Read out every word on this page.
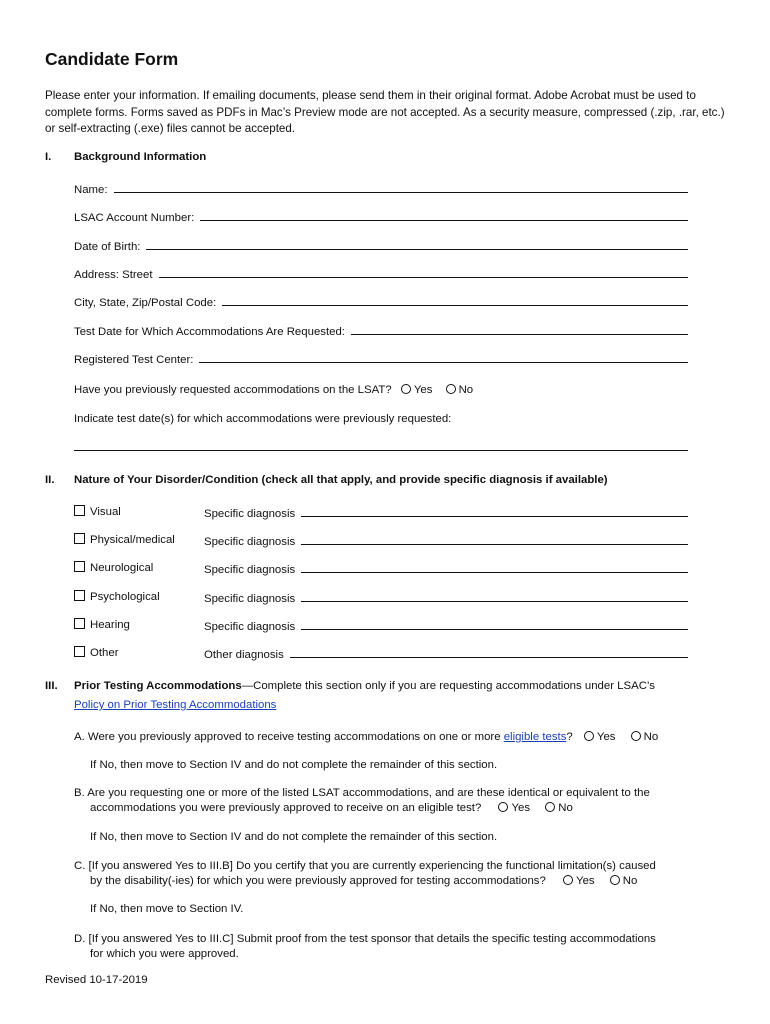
Candidate Form
Please enter your information. If emailing documents, please send them in their original format. Adobe Acrobat must be used to complete forms. Forms saved as PDFs in Mac’s Preview mode are not accepted. As a security measure, compressed (.zip, .rar, etc.) or self-extracting (.exe) files cannot be accepted.
I. Background Information
Name:
LSAC Account Number:
Date of Birth:
Address: Street
City, State, Zip/Postal Code:
Test Date for Which Accommodations Are Requested:
Registered Test Center:
Have you previously requested accommodations on the LSAT? Yes No
Indicate test date(s) for which accommodations were previously requested:
II. Nature of Your Disorder/Condition (check all that apply, and provide specific diagnosis if available)
Visual	Specific diagnosis
Physical/medical	Specific diagnosis
Neurological	Specific diagnosis
Psychological	Specific diagnosis
Hearing	Specific diagnosis
Other	Other diagnosis
III. Prior Testing Accommodations—Complete this section only if you are requesting accommodations under LSAC’s
Policy on Prior Testing Accommodations
A. Were you previously approved to receive testing accommodations on one or more eligible tests? Yes No
If No, then move to Section IV and do not complete the remainder of this section.
B. Are you requesting one or more of the listed LSAT accommodations, and are these identical or equivalent to the
accommodations you were previously approved to receive on an eligible test?	Yes No
If No, then move to Section IV and do not complete the remainder of this section.
C. [If you answered Yes to III.B] Do you certify that you are currently experiencing the functional limitation(s) caused
by the disability(-ies) for which you were previously approved for testing accommodations?	Yes No
If No, then move to Section IV.
D. [If you answered Yes to III.C] Submit proof from the test sponsor that details the specific testing accommodations
for which you were approved.
Revised 10-17-2019
